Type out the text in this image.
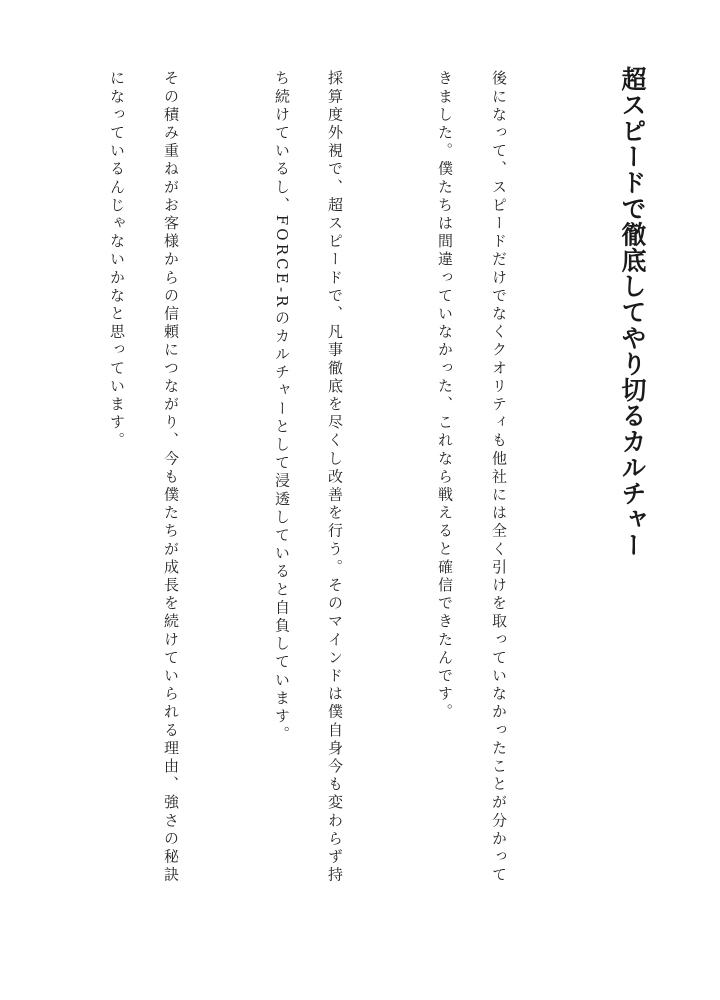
超スピードで徹底してやり切るカルチャー
後になって、スピードだけでなくクオリティも他社には全く引けを取っていなかったことが分かって
きました。僕たちは間違っていなかった、これなら戦えると確信できたんです。
採算度外視で、超スピードで、凡事徹底を尽くし改善を行う。そのマインドは僕自身今も変わらず持
ち続けているし、FORCE-Rのカルチャーとして浸透していると自負しています。
その積み重ねがお客様からの信頼につながり、今も僕たちが成長を続けていられる理由、強さの秘訣
になっているんじゃないかなと思っています。
